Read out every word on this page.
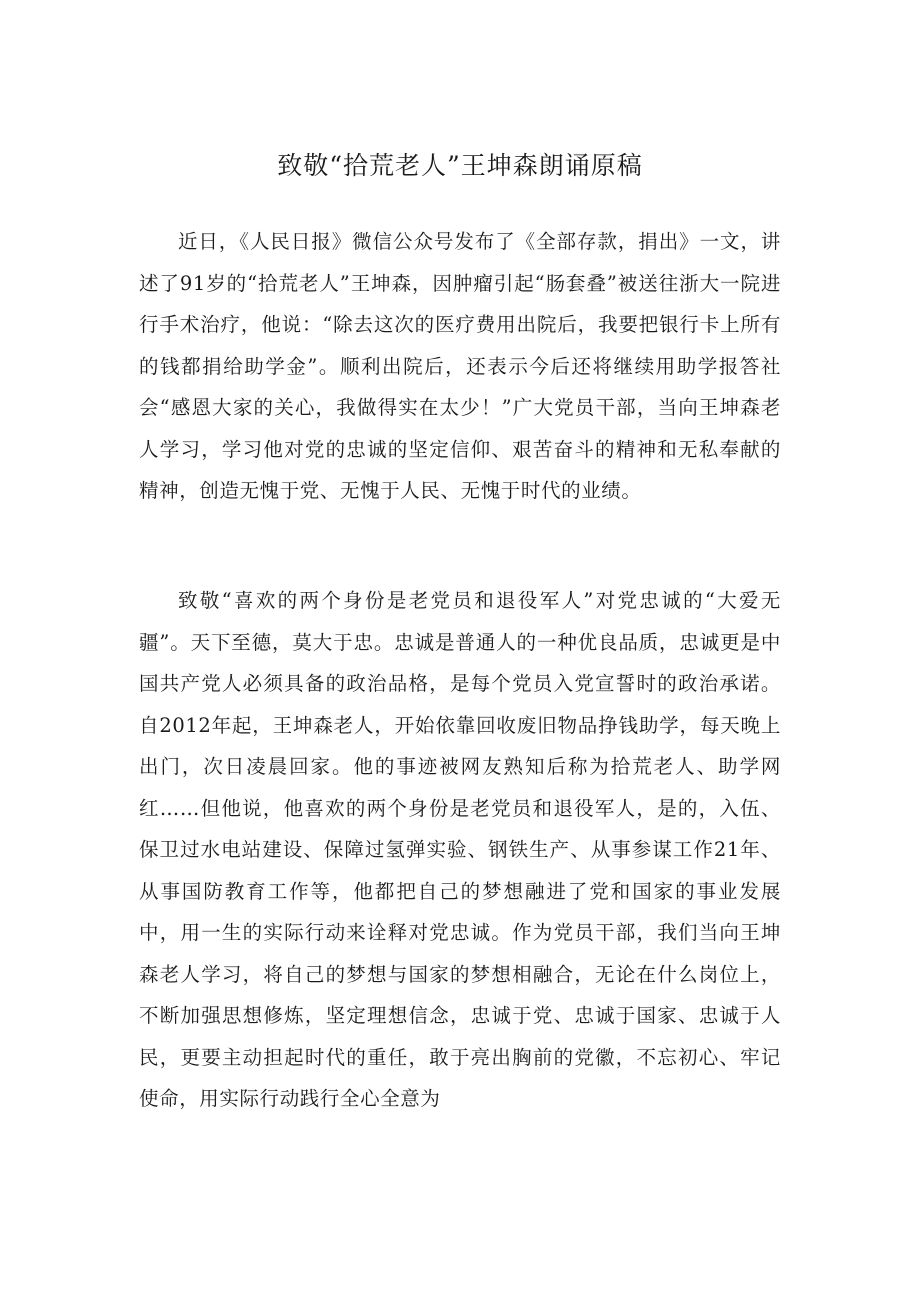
致敬“拾荒老人”王坤森朗诵原稿

近日，《人民日报》微信公众号发布了《全部存款，捐出》一文，讲述了91岁的“拾荒老人”王坤森，因肿瘤引起“肠套叠”被送往浙大一院进行手术治疗，他说：“除去这次的医疗费用出院后，我要把银行卡上所有的钱都捐给助学金”。顺利出院后，还表示今后还将继续用助学报答社会“感恩大家的关心，我做得实在太少！”广大党员干部，当向王坤森老人学习，学习他对党的忠诚的坚定信仰、艰苦奋斗的精神和无私奉献的精神，创造无愧于党、无愧于人民、无愧于时代的业绩。

致敬“喜欢的两个身份是老党员和退役军人”对党忠诚的“大爱无疆”。天下至德，莫大于忠。忠诚是普通人的一种优良品质，忠诚更是中国共产党人必须具备的政治品格，是每个党员入党宣誓时的政治承诺。自2012年起，王坤森老人，开始依靠回收废旧物品挣钱助学，每天晚上出门，次日凌晨回家。他的事迹被网友熟知后称为拾荒老人、助学网红……但他说，他喜欢的两个身份是老党员和退役军人，是的，入伍、保卫过水电站建设、保障过氢弹实验、钢铁生产、从事参谋工作21年、从事国防教育工作等，他都把自己的梦想融进了党和国家的事业发展中，用一生的实际行动来诠释对党忠诚。作为党员干部，我们当向王坤森老人学习，将自己的梦想与国家的梦想相融合，无论在什么岗位上，不断加强思想修炼，坚定理想信念，忠诚于党、忠诚于国家、忠诚于人民，更要主动担起时代的重任，敢于亮出胸前的党徽，不忘初心、牢记使命，用实际行动践行全心全意为
